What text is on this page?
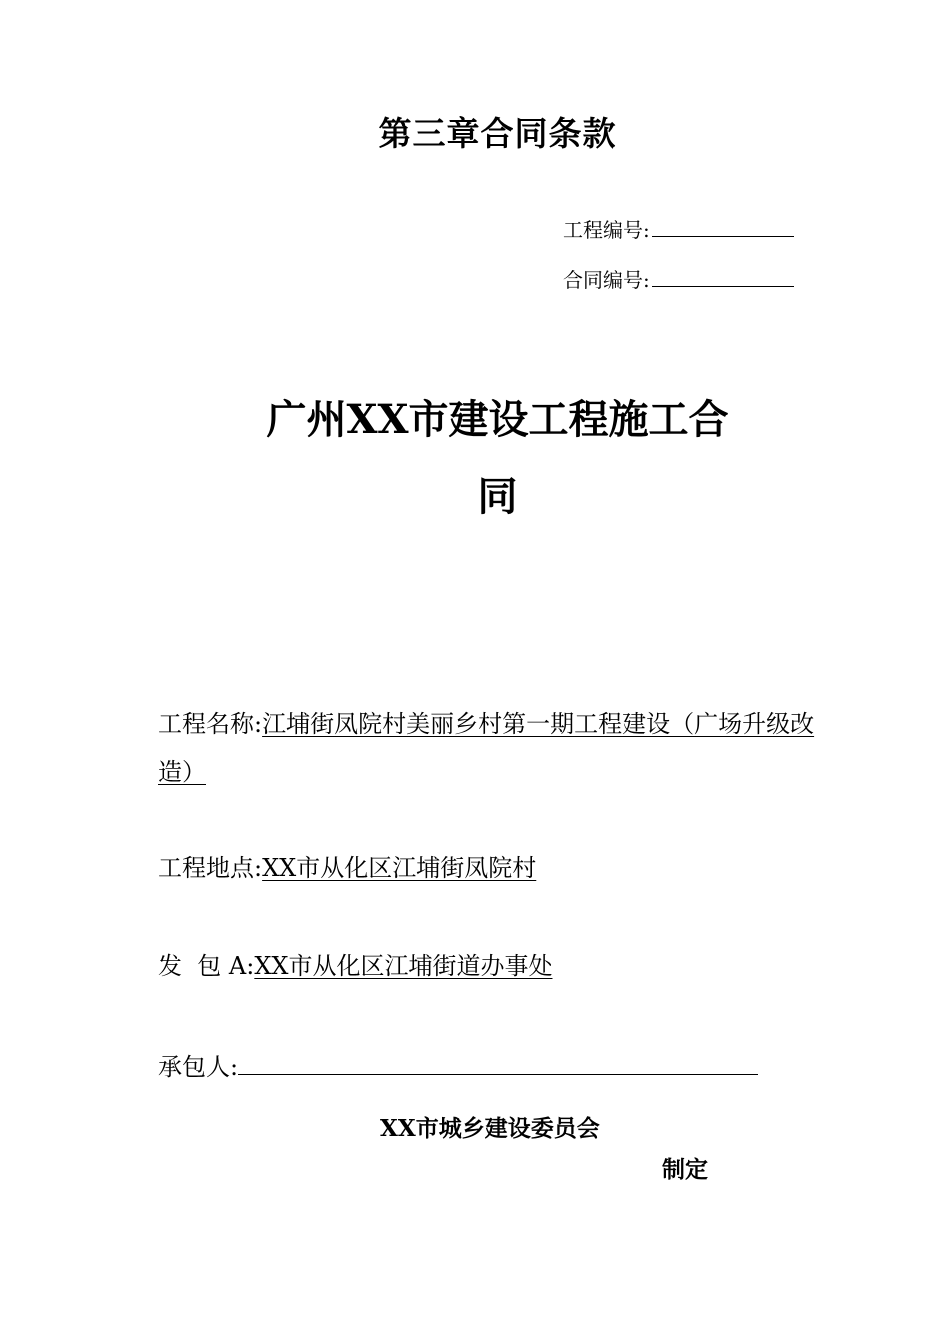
第三章合同条款
工程编号:
合同编号:
广州XX市建设工程施工合
同
工程名称:江埔街凤院村美丽乡村第一期工程建设（广场升级改造）
工程地点:XX市从化区江埔街凤院村
发  包 A:XX市从化区江埔街道办事处
承包人:
XX市城乡建设委员会
制定
